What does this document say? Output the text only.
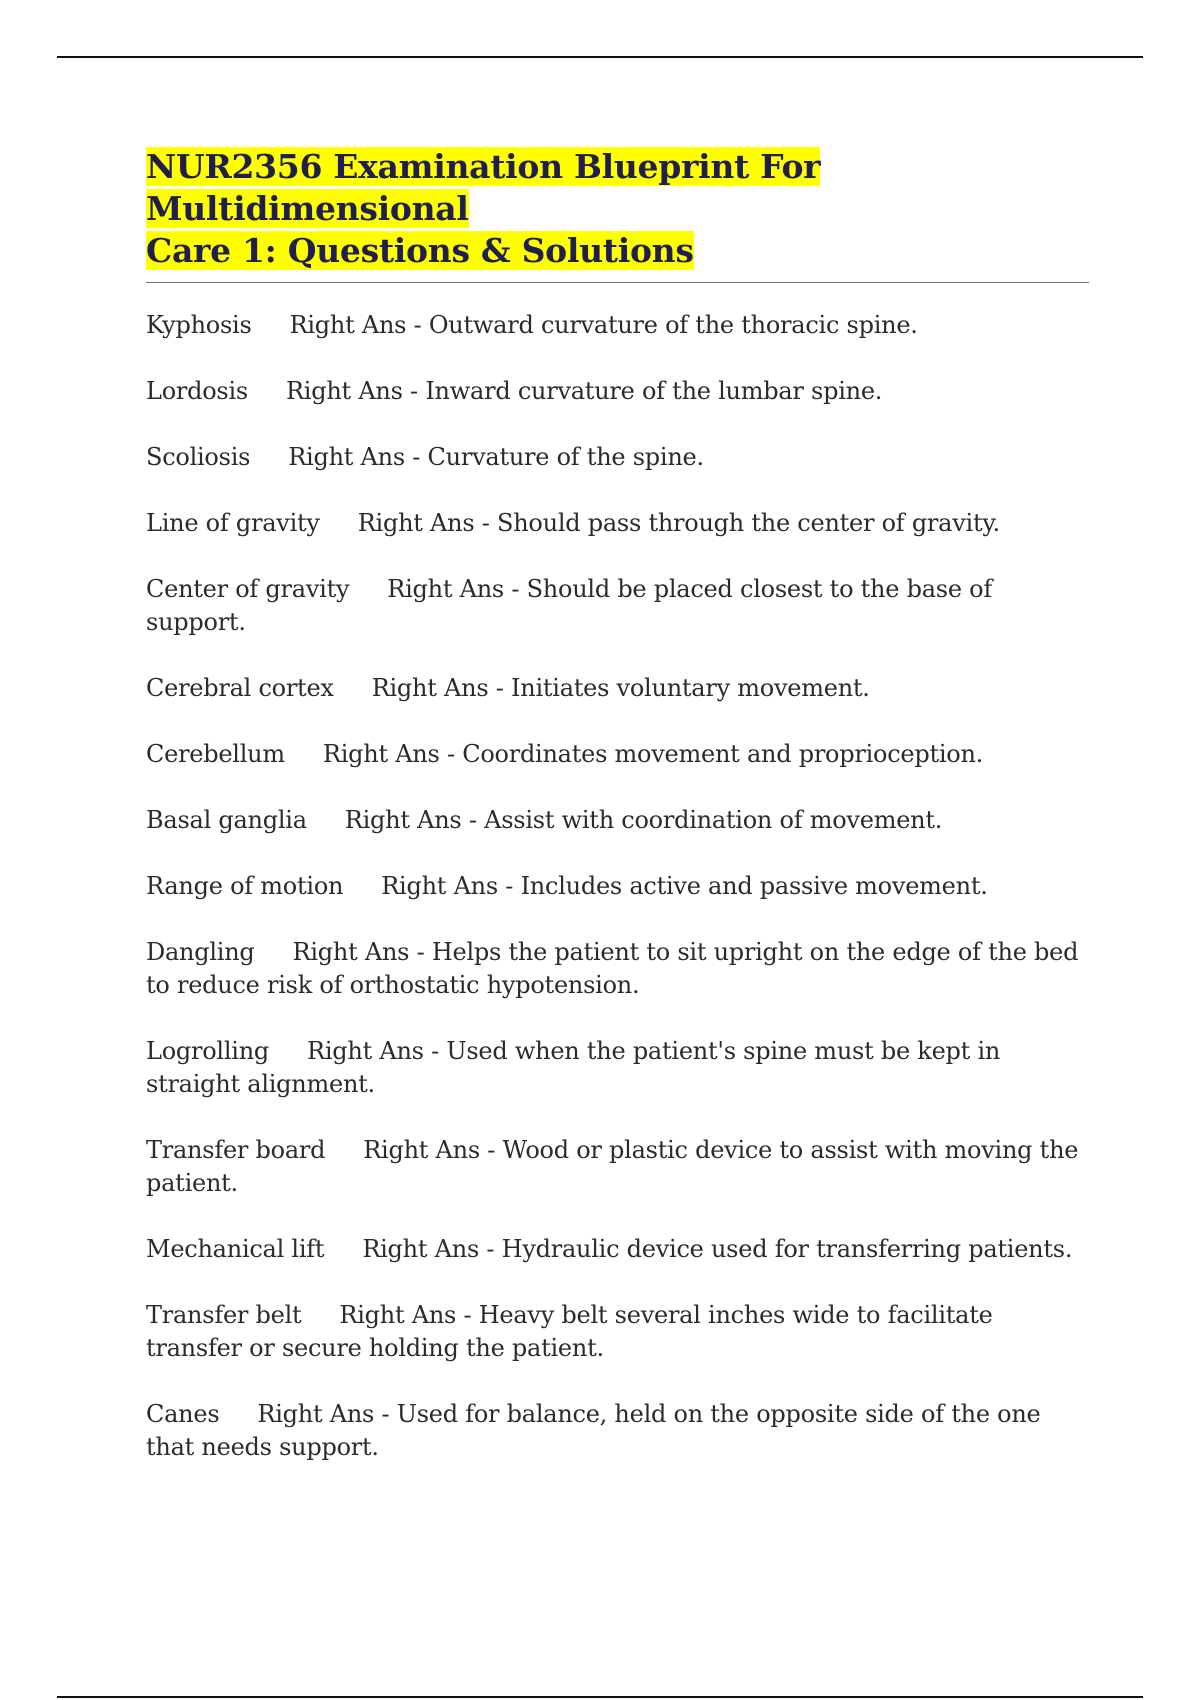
NUR2356 Examination Blueprint For Multidimensional
Care 1: Questions & Solutions
Kyphosis Right Ans - Outward curvature of the thoracic spine.
Lordosis Right Ans - Inward curvature of the lumbar spine.
Scoliosis Right Ans - Curvature of the spine.
Line of gravity Right Ans - Should pass through the center of gravity.
Center of gravity Right Ans - Should be placed closest to the base of support.
Cerebral cortex Right Ans - Initiates voluntary movement.
Cerebellum Right Ans - Coordinates movement and proprioception.
Basal ganglia Right Ans - Assist with coordination of movement.
Range of motion Right Ans - Includes active and passive movement.
Dangling Right Ans - Helps the patient to sit upright on the edge of the bed to reduce risk of orthostatic hypotension.
Logrolling Right Ans - Used when the patient's spine must be kept in straight alignment.
Transfer board Right Ans - Wood or plastic device to assist with moving the patient.
Mechanical lift Right Ans - Hydraulic device used for transferring patients.
Transfer belt Right Ans - Heavy belt several inches wide to facilitate transfer or secure holding the patient.
Canes Right Ans - Used for balance, held on the opposite side of the one that needs support.
